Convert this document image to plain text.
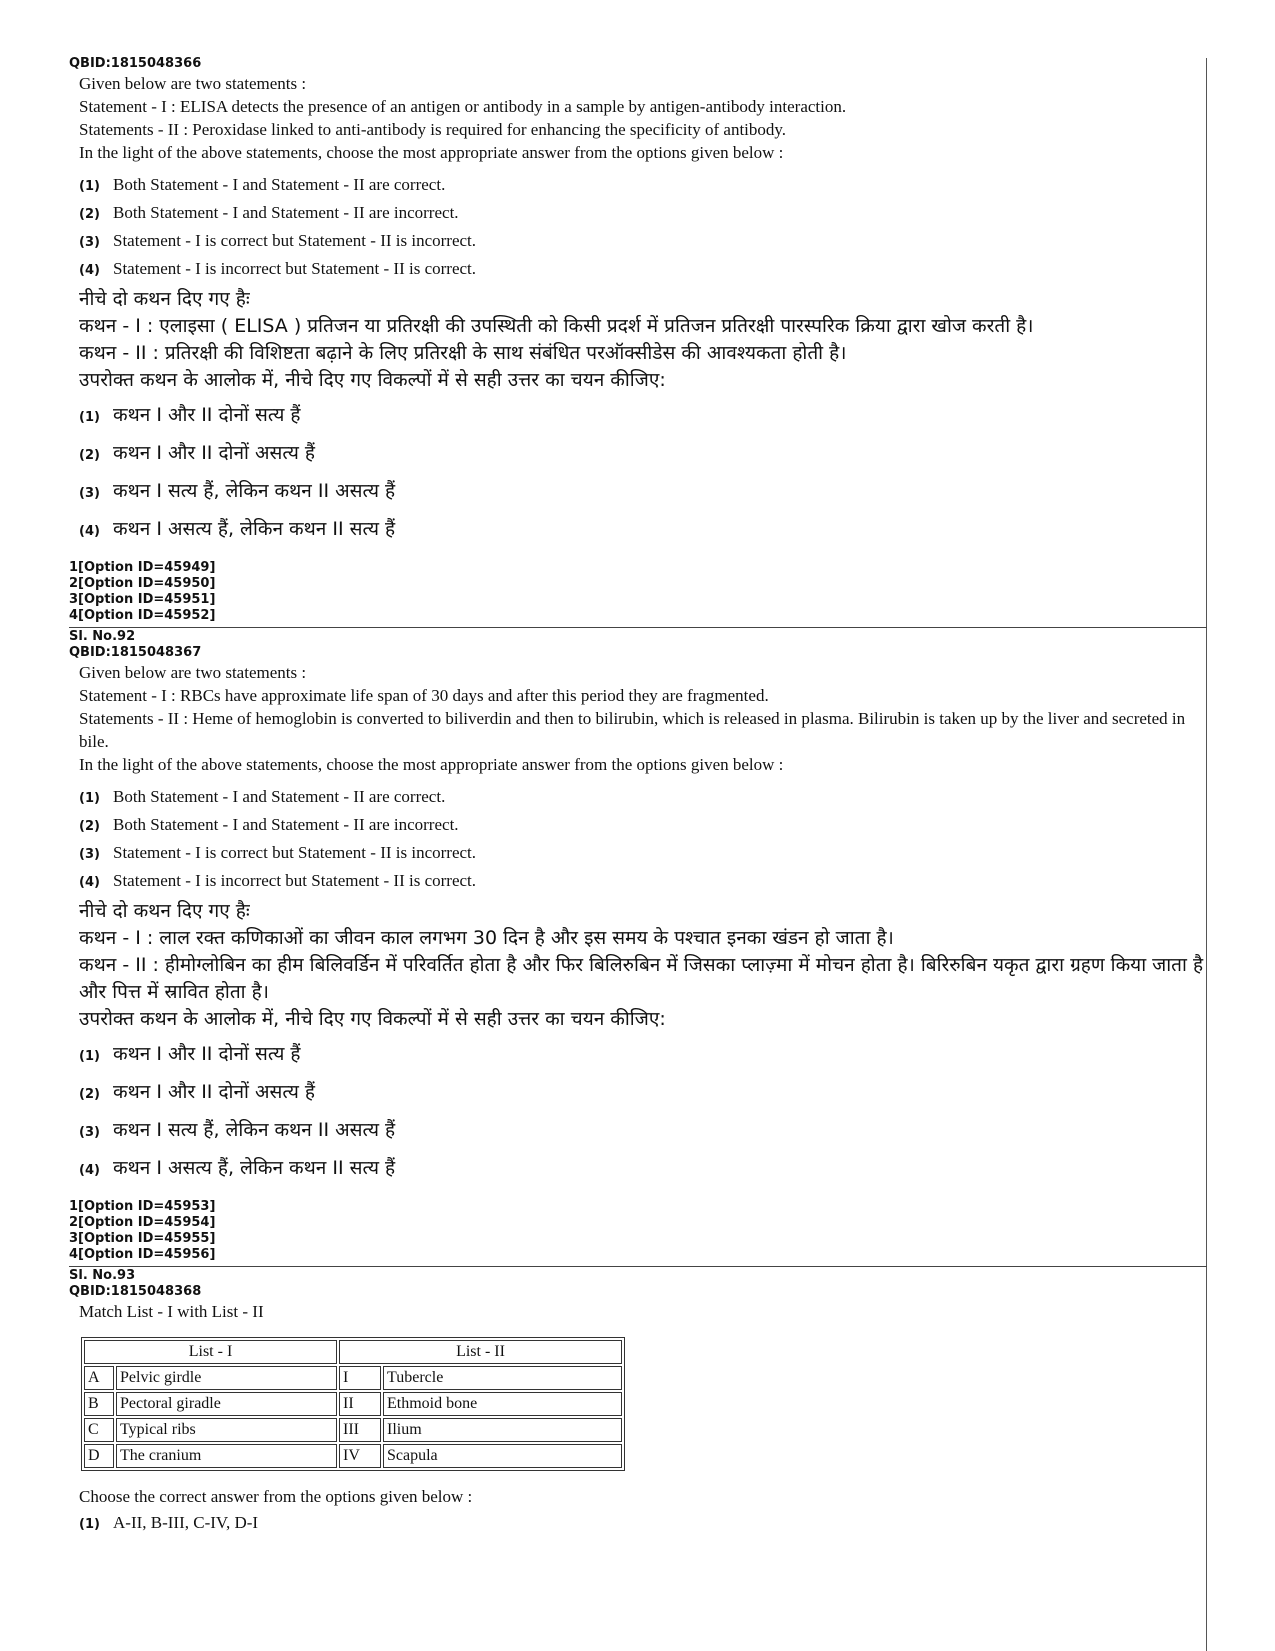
QBID:1815048366
Given below are two statements :
Statement - I : ELISA detects the presence of an antigen or antibody in a sample by antigen-antibody interaction.
Statements - II : Peroxidase linked to anti-antibody is required for enhancing the specificity of antibody.
In the light of the above statements, choose the most appropriate answer from the options given below :
(1) Both Statement - I and Statement - II are correct.
(2) Both Statement - I and Statement - II are incorrect.
(3) Statement - I is correct but Statement - II is incorrect.
(4) Statement - I is incorrect but Statement - II is correct.
नीचे दो कथन दिए गए हैः
कथन - I : एलाइसा ( ELISA ) प्रतिजन या प्रतिरक्षी की उपस्थिती को किसी प्रदर्श में प्रतिजन प्रतिरक्षी पारस्परिक क्रिया द्वारा खोज करती है।
कथन - II : प्रतिरक्षी की विशिष्टता बढ़ाने के लिए प्रतिरक्षी के साथ संबंधित परऑक्सीडेस की आवश्यकता होती है।
उपरोक्त कथन के आलोक में, नीचे दिए गए विकल्पों में से सही उत्तर का चयन कीजिए:
(1) कथन I और II दोनों सत्य हैं
(2) कथन I और II दोनों असत्य हैं
(3) कथन I सत्य हैं, लेकिन कथन II असत्य हैं
(4) कथन I असत्य हैं, लेकिन कथन II सत्य हैं
1[Option ID=45949]
2[Option ID=45950]
3[Option ID=45951]
4[Option ID=45952]
Sl. No.92
QBID:1815048367
Given below are two statements :
Statement - I : RBCs have approximate life span of 30 days and after this period they are fragmented.
Statements - II : Heme of hemoglobin is converted to biliverdin and then to bilirubin, which is released in plasma. Bilirubin is taken up by the liver and secreted in bile.
In the light of the above statements, choose the most appropriate answer from the options given below :
(1) Both Statement - I and Statement - II are correct.
(2) Both Statement - I and Statement - II are incorrect.
(3) Statement - I is correct but Statement - II is incorrect.
(4) Statement - I is incorrect but Statement - II is correct.
नीचे दो कथन दिए गए हैः
कथन - I : लाल रक्त कणिकाओं का जीवन काल लगभग 30 दिन है और इस समय के पश्चात इनका खंडन हो जाता है।
कथन - II : हीमोग्लोबिन का हीम बिलिवर्डिन में परिवर्तित होता है और फिर बिलिरुबिन में जिसका प्लाज़्मा में मोचन होता है। बिरिरुबिन यकृत द्वारा ग्रहण किया जाता है और पित्त में स्रावित होता है।
उपरोक्त कथन के आलोक में, नीचे दिए गए विकल्पों में से सही उत्तर का चयन कीजिए:
(1) कथन I और II दोनों सत्य हैं
(2) कथन I और II दोनों असत्य हैं
(3) कथन I सत्य हैं, लेकिन कथन II असत्य हैं
(4) कथन I असत्य हैं, लेकिन कथन II सत्य हैं
1[Option ID=45953]
2[Option ID=45954]
3[Option ID=45955]
4[Option ID=45956]
Sl. No.93
QBID:1815048368
Match List - I with List - II
List - I		List - II	
A	Pelvic girdle	I	Tubercle
B	Pectoral giradle	II	Ethmoid bone
C	Typical ribs	III	Ilium
D	The cranium	IV	Scapula
Choose the correct answer from the options given below :
(1) A-II, B-III, C-IV, D-I
